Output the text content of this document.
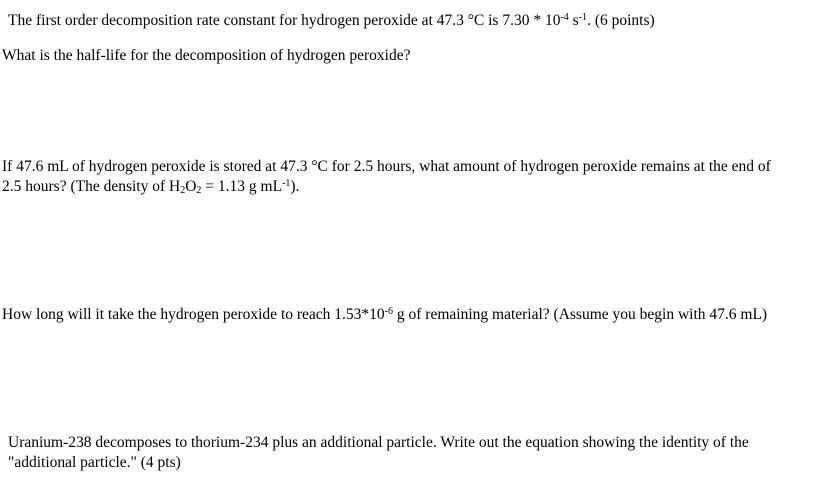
The first order decomposition rate constant for hydrogen peroxide at 47.3 °C is $7.30 * 10^{-4}$ $s^{-1}$. (6 points)
What is the half-life for the decomposition of hydrogen peroxide?
If 47.6 mL of hydrogen peroxide is stored at 47.3 °C for 2.5 hours, what amount of hydrogen peroxide remains at the end of
2.5 hours? (The density of $H_2O_2 = 1.13$ g $mL^{-1}$).
How long will it take the hydrogen peroxide to reach $1.53*10^{-6}$ g of remaining material? (Assume you begin with 47.6 mL)
Uranium-238 decomposes to thorium-234 plus an additional particle. Write out the equation showing the identity of the
"additional particle." (4 pts)
